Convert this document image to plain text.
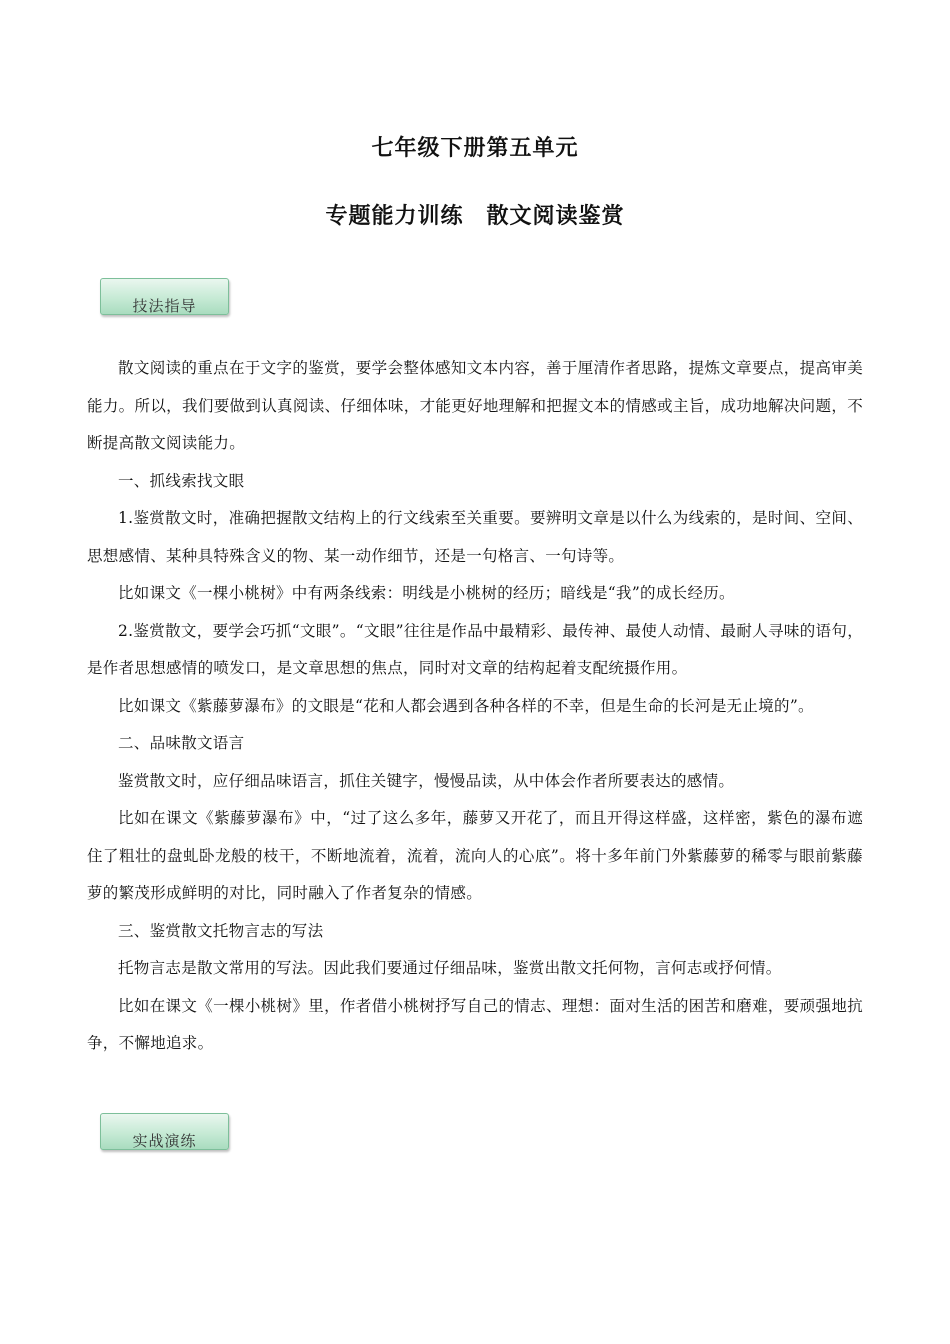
七年级下册第五单元
专题能力训练　散文阅读鉴赏
技法指导

散文阅读的重点在于文字的鉴赏，要学会整体感知文本内容，善于厘清作者思路，提炼文章要点，提高审美能力。所以，我们要做到认真阅读、仔细体味，才能更好地理解和把握文本的情感或主旨，成功地解决问题，不断提高散文阅读能力。

一、抓线索找文眼

1.鉴赏散文时，准确把握散文结构上的行文线索至关重要。要辨明文章是以什么为线索的，是时间、空间、思想感情、某种具特殊含义的物、某一动作细节，还是一句格言、一句诗等。

比如课文《一棵小桃树》中有两条线索：明线是小桃树的经历；暗线是“我”的成长经历。

2.鉴赏散文，要学会巧抓“文眼”。“文眼”往往是作品中最精彩、最传神、最使人动情、最耐人寻味的语句，是作者思想感情的喷发口，是文章思想的焦点，同时对文章的结构起着支配统摄作用。

比如课文《紫藤萝瀑布》的文眼是“花和人都会遇到各种各样的不幸，但是生命的长河是无止境的”。

二、品味散文语言

鉴赏散文时，应仔细品味语言，抓住关键字，慢慢品读，从中体会作者所要表达的感情。

比如在课文《紫藤萝瀑布》中，“过了这么多年，藤萝又开花了，而且开得这样盛，这样密，紫色的瀑布遮住了粗壮的盘虬卧龙般的枝干，不断地流着，流着，流向人的心底”。将十多年前门外紫藤萝的稀零与眼前紫藤萝的繁茂形成鲜明的对比，同时融入了作者复杂的情感。

三、鉴赏散文托物言志的写法

托物言志是散文常用的写法。因此我们要通过仔细品味，鉴赏出散文托何物，言何志或抒何情。

比如在课文《一棵小桃树》里，作者借小桃树抒写自己的情志、理想：面对生活的困苦和磨难，要顽强地抗争，不懈地追求。

实战演练
